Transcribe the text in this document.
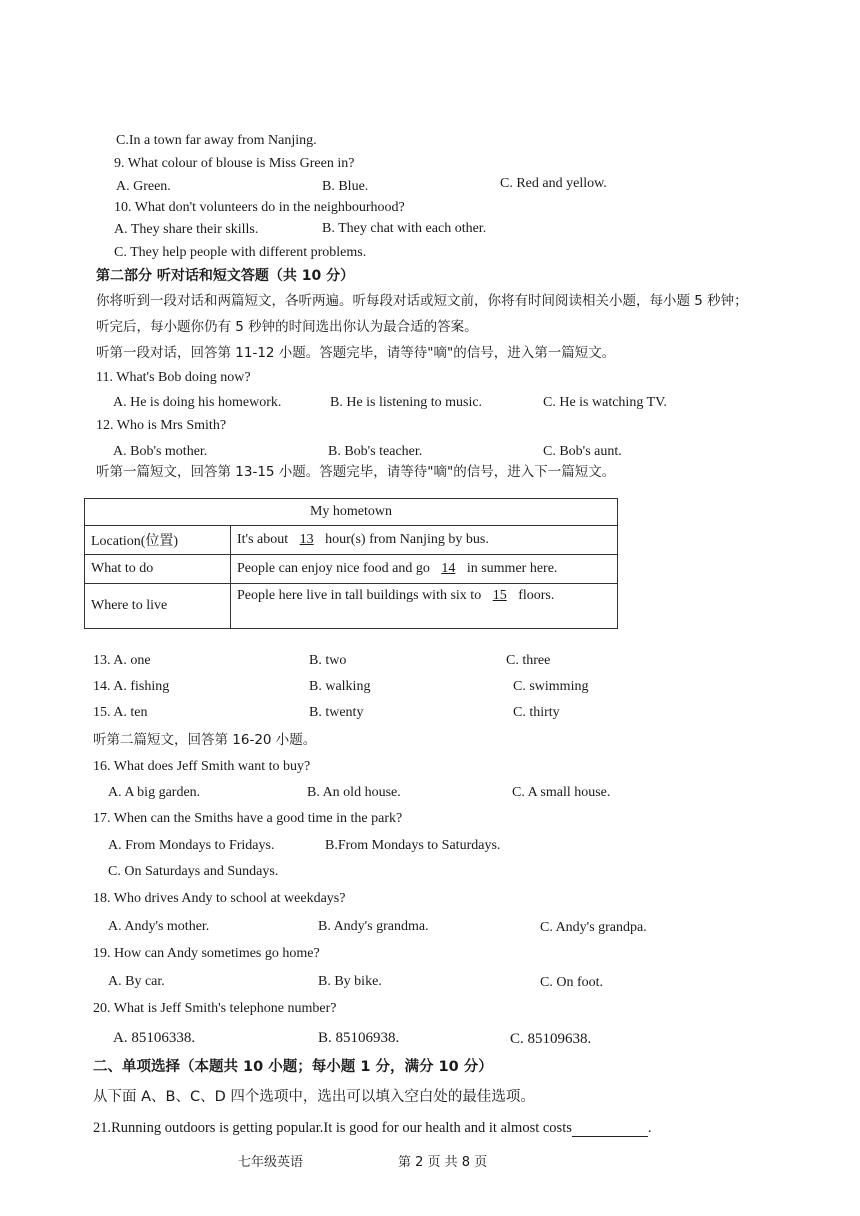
C.In a town far away from Nanjing.
9. What colour of blouse is Miss Green in?
A. Green.	B. Blue.	C. Red and yellow.
10. What don't volunteers do in the neighbourhood?
A. They share their skills.	B. They chat with each other.
C. They help people with different problems.
第二部分 听对话和短文答题（共 10 分）
你将听到一段对话和两篇短文，各听两遍。听每段对话或短文前，你将有时间阅读相关小题，每小题 5 秒钟；
听完后，每小题你仍有 5 秒钟的时间选出你认为最合适的答案。
听第一段对话，回答第 11-12 小题。答题完毕，请等待"嘀"的信号，进入第一篇短文。
11. What's Bob doing now?
A. He is doing his homework.	B. He is listening to music.	C. He is watching TV.
12. Who is Mrs Smith?
A. Bob's mother.	B. Bob's teacher.	C. Bob's aunt.
听第一篇短文，回答第 13-15 小题。答题完毕，请等待"嘀"的信号，进入下一篇短文。
My hometown	
Location(位置)	It's about 13 hour(s) from Nanjing by bus.
What to do	People can enjoy nice food and go 14 in summer here.
Where to live	People here live in tall buildings with six to 15 floors.
13. A. one	B. two	C. three
14. A. fishing	B. walking	C. swimming
15. A. ten	B. twenty	C. thirty
听第二篇短文，回答第 16-20 小题。
16. What does Jeff Smith want to buy?
A. A big garden.	B. An old house.	C. A small house.
17. When can the Smiths have a good time in the park?
A. From Mondays to Fridays.	B.From Mondays to Saturdays.
C. On Saturdays and Sundays.
18. Who drives Andy to school at weekdays?
A. Andy's mother.	B. Andy's grandma.	C. Andy's grandpa.
19. How can Andy sometimes go home?
A. By car.	B. By bike.	C. On foot.
20. What is Jeff Smith's telephone number?
A. 85106338.	B. 85106938.	C. 85109638.
二、单项选择（本题共 10 小题；每小题 1 分，满分 10 分）
从下面 A、B、C、D 四个选项中，选出可以填入空白处的最佳选项。
21.Running outdoors is getting popular.It is good for our health and it almost costs	.
七年级英语	第 2 页 共 8 页
